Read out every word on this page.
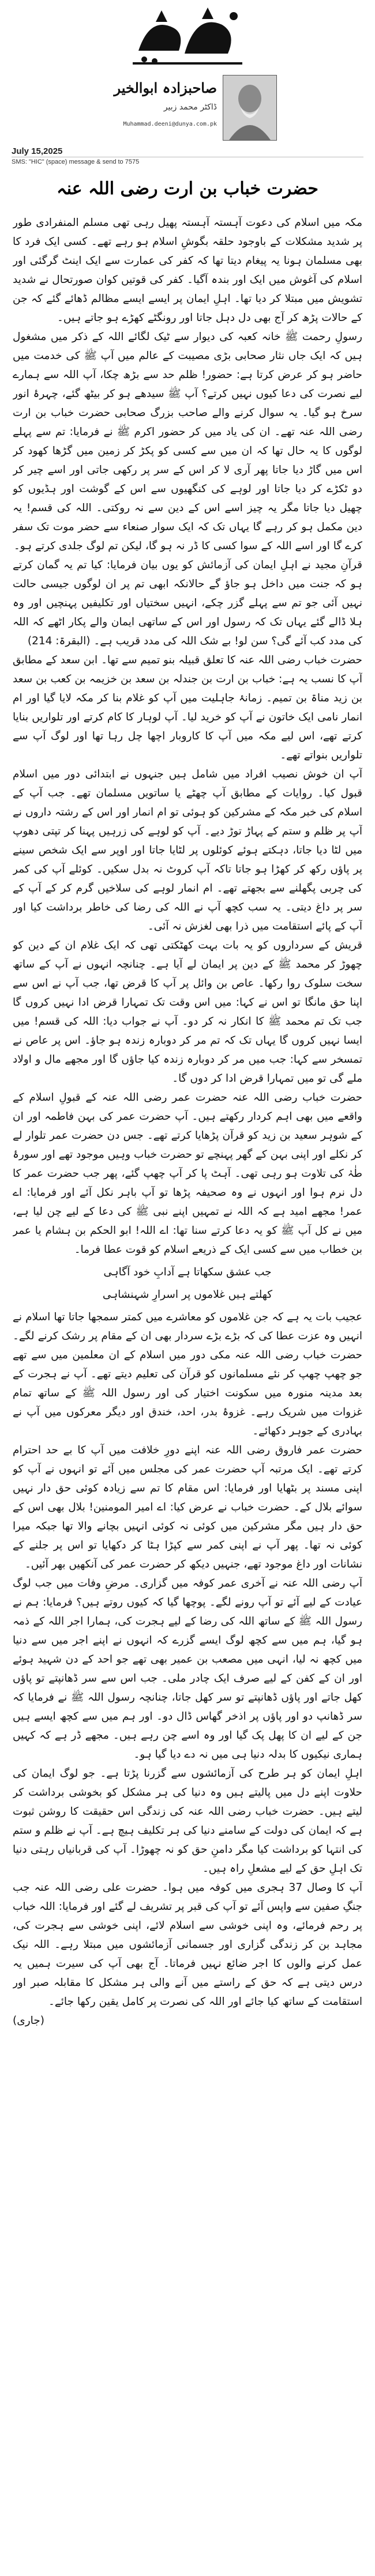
صاحبزادہ ابوالخیر
ڈاکٹر محمد زبیر
Muhammad.deeni@dunya.com.pk
July 15,2025
SMS: "HIC" (space) message & send to 7575
حضرت خباب بن ارت رضی اللہ عنہ

مکہ میں اسلام کی دعوت آہستہ آہستہ پھیل رہی تھی مسلم المنفرادی طور پر شدید مشکلات کے باوجود حلقہ بگوشِ اسلام ہو رہے تھے۔ کسی ایک فرد کا بھی مسلمان ہونا یہ پیغام دیتا تھا کہ کفر کی عمارت سے ایک اینٹ گرگئی اور اسلام کی آغوش میں ایک اور بندہ آگیا۔ کفر کی قوتیں کوان صورتحال نے شدید تشویش میں مبتلا کر دیا تھا۔ اہلِ ایمان پر ایسے ایسے مظالم ڈھائے گئے کہ جن کے حالات پڑھ کر آج بھی دل دہل جاتا اور رونگٹے کھڑے ہو جاتے ہیں۔

رسولِ رحمت ﷺ خانہ کعبہ کی دیوار سے ٹیک لگائے اللہ کے ذکر میں مشغول ہیں کہ ایک جاں نثار صحابی بڑی مصیبت کے عالم میں آپ ﷺ کی خدمت میں حاضر ہو کر عرض کرتا ہے: حضور! ظلم حد سے بڑھ چکا، آپ اللہ سے ہمارے لیے نصرت کی دعا کیوں نہیں کرتے؟ آپ ﷺ سیدھے ہو کر بیٹھ گئے، چہرۂ انور سرخ ہو گیا۔ یہ سوال کرنے والے صاحب بزرگ صحابی حضرت خباب بن ارت رضی اللہ عنہ تھے۔ ان کی یاد میں کر حضور اکرم ﷺ نے فرمایا: تم سے پہلے لوگوں کا یہ حال تھا کہ ان میں سے کسی کو پکڑ کر زمین میں گڑھا کھود کر اس میں گاڑ دیا جاتا پھر آری لا کر اس کے سر پر رکھی جاتی اور اسے چیر کر دو ٹکڑے کر دیا جاتا اور لوہے کی کنگھیوں سے اس کے گوشت اور ہڈیوں کو چھیل دیا جاتا مگر یہ چیز اسے اس کے دین سے نہ روکتی۔ اللہ کی قسم! یہ دین مکمل ہو کر رہے گا یہاں تک کہ ایک سوار صنعاء سے حضر موت تک سفر کرے گا اور اسے اللہ کے سوا کسی کا ڈر نہ ہو گا، لیکن تم لوگ جلدی کرتے ہو۔

قرآنِ مجید نے اہلِ ایمان کی آزمائش کو یوں بیان فرمایا: کیا تم یہ گمان کرتے ہو کہ جنت میں داخل ہو جاؤ گے حالانکہ ابھی تم پر ان لوگوں جیسی حالت نہیں آئی جو تم سے پہلے گزر چکے، انہیں سختیاں اور تکلیفیں پہنچیں اور وہ ہلا ڈالے گئے یہاں تک کہ رسول اور اس کے ساتھی ایمان والے پکار اٹھے کہ اللہ کی مدد کب آئے گی؟ سن لو! بے شک اللہ کی مدد قریب ہے۔ (البقرۃ: 214)

حضرت خباب رضی اللہ عنہ کا تعلق قبیلہ بنو تمیم سے تھا۔ ابن سعد کے مطابق آپ کا نسب یہ ہے: خباب بن ارت بن جندلہ بن سعد بن خزیمہ بن کعب بن سعد بن زید مناۃ بن تمیم۔ زمانۂ جاہلیت میں آپ کو غلام بنا کر مکہ لایا گیا اور ام انمار نامی ایک خاتون نے آپ کو خرید لیا۔ آپ لوہار کا کام کرتے اور تلواریں بنایا کرتے تھے، اس لیے مکہ میں آپ کا کاروبار اچھا چل رہا تھا اور لوگ آپ سے تلواریں بنواتے تھے۔

آپ ان خوش نصیب افراد میں شامل ہیں جنہوں نے ابتدائی دور میں اسلام قبول کیا۔ روایات کے مطابق آپ چھٹے یا ساتویں مسلمان تھے۔ جب آپ کے اسلام کی خبر مکہ کے مشرکین کو ہوئی تو ام انمار اور اس کے رشتہ داروں نے آپ پر ظلم و ستم کے پہاڑ توڑ دیے۔ آپ کو لوہے کی زرہیں پہنا کر تپتی دھوپ میں لٹا دیا جاتا، دہکتے ہوئے کوئلوں پر لٹایا جاتا اور اوپر سے ایک شخص سینے پر پاؤں رکھ کر کھڑا ہو جاتا تاکہ آپ کروٹ نہ بدل سکیں۔ کوئلے آپ کی کمر کی چربی پگھلنے سے بجھتے تھے۔ ام انمار لوہے کی سلاخیں گرم کر کے آپ کے سر پر داغ دیتی۔ یہ سب کچھ آپ نے اللہ کی رضا کی خاطر برداشت کیا اور آپ کے پائے استقامت میں ذرا بھی لغزش نہ آئی۔

قریش کے سرداروں کو یہ بات بہت کھٹکتی تھی کہ ایک غلام ان کے دین کو چھوڑ کر محمد ﷺ کے دین پر ایمان لے آیا ہے۔ چنانچہ انہوں نے آپ کے ساتھ سخت سلوک روا رکھا۔ عاص بن وائل پر آپ کا قرض تھا، جب آپ نے اس سے اپنا حق مانگا تو اس نے کہا: میں اس وقت تک تمہارا قرض ادا نہیں کروں گا جب تک تم محمد ﷺ کا انکار نہ کر دو۔ آپ نے جواب دیا: اللہ کی قسم! میں ایسا نہیں کروں گا یہاں تک کہ تم مر کر دوبارہ زندہ ہو جاؤ۔ اس پر عاص نے تمسخر سے کہا: جب میں مر کر دوبارہ زندہ کیا جاؤں گا اور مجھے مال و اولاد ملے گی تو میں تمہارا قرض ادا کر دوں گا۔

حضرت خباب رضی اللہ عنہ حضرت عمر رضی اللہ عنہ کے قبولِ اسلام کے واقعے میں بھی اہم کردار رکھتے ہیں۔ آپ حضرت عمر کی بہن فاطمہ اور ان کے شوہر سعید بن زید کو قرآن پڑھایا کرتے تھے۔ جس دن حضرت عمر تلوار لے کر نکلے اور اپنی بہن کے گھر پہنچے تو حضرت خباب وہیں موجود تھے اور سورۂ طٰہٰ کی تلاوت ہو رہی تھی۔ آہٹ پا کر آپ چھپ گئے، پھر جب حضرت عمر کا دل نرم ہوا اور انہوں نے وہ صحیفہ پڑھا تو آپ باہر نکل آئے اور فرمایا: اے عمر! مجھے امید ہے کہ اللہ نے تمہیں اپنے نبی ﷺ کی دعا کے لیے چن لیا ہے، میں نے کل آپ ﷺ کو یہ دعا کرتے سنا تھا: اے اللہ! ابو الحکم بن ہشام یا عمر بن خطاب میں سے کسی ایک کے ذریعے اسلام کو قوت عطا فرما۔

جب عشق سکھاتا ہے آدابِ خود آگاہی

کھلتے ہیں غلاموں پر اسرارِ شہنشاہی

عجیب بات یہ ہے کہ جن غلاموں کو معاشرے میں کمتر سمجھا جاتا تھا اسلام نے انہیں وہ عزت عطا کی کہ بڑے بڑے سردار بھی ان کے مقام پر رشک کرنے لگے۔ حضرت خباب رضی اللہ عنہ مکی دور میں اسلام کے ان معلمین میں سے تھے جو چھپ چھپ کر نئے مسلمانوں کو قرآن کی تعلیم دیتے تھے۔ آپ نے ہجرت کے بعد مدینہ منورہ میں سکونت اختیار کی اور رسول اللہ ﷺ کے ساتھ تمام غزوات میں شریک رہے۔ غزوۂ بدر، احد، خندق اور دیگر معرکوں میں آپ نے بہادری کے جوہر دکھائے۔

حضرت عمر فاروق رضی اللہ عنہ اپنے دورِ خلافت میں آپ کا بے حد احترام کرتے تھے۔ ایک مرتبہ آپ حضرت عمر کی مجلس میں آئے تو انہوں نے آپ کو اپنی مسند پر بٹھایا اور فرمایا: اس مقام کا تم سے زیادہ کوئی حق دار نہیں سوائے بلال کے۔ حضرت خباب نے عرض کیا: اے امیر المومنین! بلال بھی اس کے حق دار ہیں مگر مشرکین میں کوئی نہ کوئی انہیں بچانے والا تھا جبکہ میرا کوئی نہ تھا۔ پھر آپ نے اپنی کمر سے کپڑا ہٹا کر دکھایا تو اس پر جلنے کے نشانات اور داغ موجود تھے، جنہیں دیکھ کر حضرت عمر کی آنکھیں بھر آئیں۔

آپ رضی اللہ عنہ نے آخری عمر کوفہ میں گزاری۔ مرضِ وفات میں جب لوگ عیادت کے لیے آئے تو آپ رونے لگے۔ پوچھا گیا کہ کیوں روتے ہیں؟ فرمایا: ہم نے رسول اللہ ﷺ کے ساتھ اللہ کی رضا کے لیے ہجرت کی، ہمارا اجر اللہ کے ذمہ ہو گیا، ہم میں سے کچھ لوگ ایسے گزرے کہ انہوں نے اپنے اجر میں سے دنیا میں کچھ نہ لیا، انہی میں مصعب بن عمیر بھی تھے جو احد کے دن شہید ہوئے اور ان کے کفن کے لیے صرف ایک چادر ملی۔ جب اس سے سر ڈھانپتے تو پاؤں کھل جاتے اور پاؤں ڈھانپتے تو سر کھل جاتا، چنانچہ رسول اللہ ﷺ نے فرمایا کہ سر ڈھانپ دو اور پاؤں پر اذخر گھاس ڈال دو۔ اور ہم میں سے کچھ ایسے ہیں جن کے لیے ان کا پھل پک گیا اور وہ اسے چن رہے ہیں۔ مجھے ڈر ہے کہ کہیں ہماری نیکیوں کا بدلہ دنیا ہی میں نہ دے دیا گیا ہو۔

اہلِ ایمان کو ہر طرح کی آزمائشوں سے گزرنا پڑتا ہے۔ جو لوگ ایمان کی حلاوت اپنے دل میں پالیتے ہیں وہ دنیا کی ہر مشکل کو بخوشی برداشت کر لیتے ہیں۔ حضرت خباب رضی اللہ عنہ کی زندگی اس حقیقت کا روشن ثبوت ہے کہ ایمان کی دولت کے سامنے دنیا کی ہر تکلیف ہیچ ہے۔ آپ نے ظلم و ستم کی انتہا کو برداشت کیا مگر دامنِ حق کو نہ چھوڑا۔ آپ کی قربانیاں رہتی دنیا تک اہلِ حق کے لیے مشعلِ راہ ہیں۔

آپ کا وصال 37 ہجری میں کوفہ میں ہوا۔ حضرت علی رضی اللہ عنہ جب جنگِ صفین سے واپس آئے تو آپ کی قبر پر تشریف لے گئے اور فرمایا: اللہ خباب پر رحم فرمائے، وہ اپنی خوشی سے اسلام لائے، اپنی خوشی سے ہجرت کی، مجاہد بن کر زندگی گزاری اور جسمانی آزمائشوں میں مبتلا رہے۔ اللہ نیک عمل کرنے والوں کا اجر ضائع نہیں فرماتا۔ آج بھی آپ کی سیرت ہمیں یہ درس دیتی ہے کہ حق کے راستے میں آنے والی ہر مشکل کا مقابلہ صبر اور استقامت کے ساتھ کیا جائے اور اللہ کی نصرت پر کامل یقین رکھا جائے۔

(جاری)
